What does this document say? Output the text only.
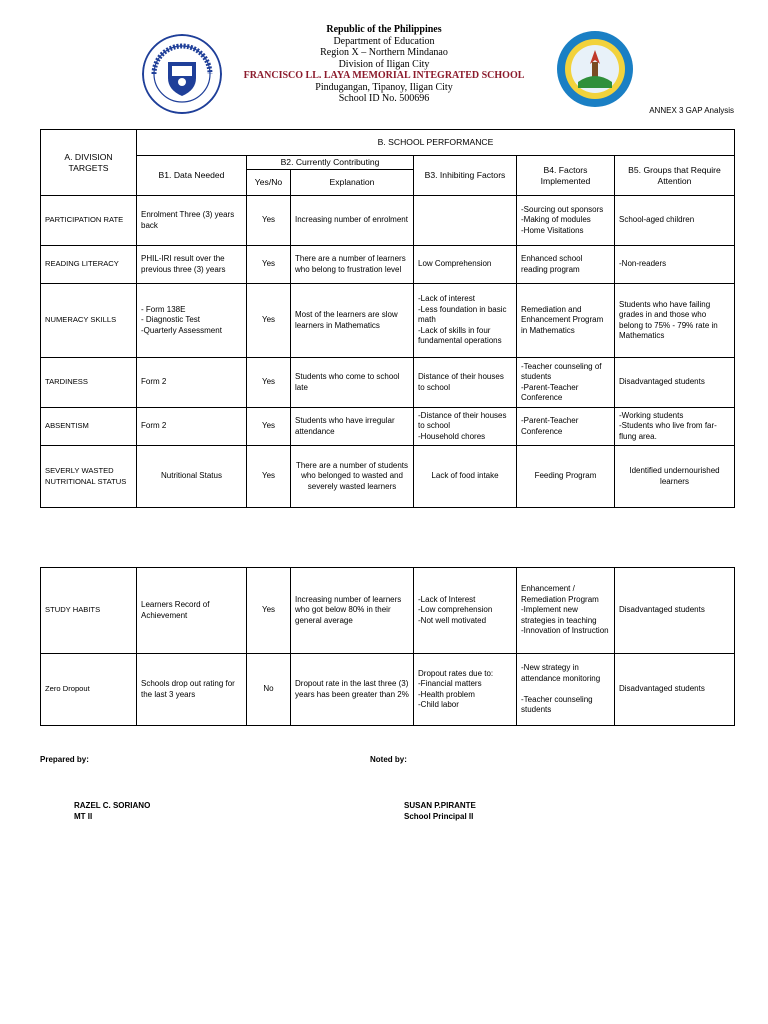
Republic of the Philippines
Department of Education
Region X – Northern Mindanao
Division of Iligan City
FRANCISCO LL. LAYA MEMORIAL INTEGRATED SCHOOL
Pindugangan, Tipanoy, Iligan City
School ID No. 500696
ANNEX 3 GAP Analysis
A. DIVISION TARGETS	B. SCHOOL PERFORMANCE					
	B1. Data Needed	B2. Currently Contributing		B3. Inhibiting Factors	B4. Factors Implemented	B5. Groups that Require Attention
		Yes/No	Explanation			
PARTICIPATION RATE	Enrolment Three (3) years back	Yes	Increasing number of enrolment		-Sourcing out sponsors
-Making of modules
-Home Visitations	School-aged children
READING LITERACY	PHIL-IRI result over the previous three (3) years	Yes	There are a number of learners who belong to frustration level	Low Comprehension	Enhanced school reading program	-Non-readers
NUMERACY SKILLS	- Form 138E
- Diagnostic Test
-Quarterly Assessment	Yes	Most of the learners are slow learners in Mathematics	-Lack of interest
-Less foundation in basic math
-Lack of skills in four fundamental operations	Remediation and Enhancement Program in Mathematics	Students who have failing grades in and those who belong to 75% - 79% rate in Mathematics
TARDINESS	Form 2	Yes	Students who come to school late	Distance of their houses to school	-Teacher counseling of students
-Parent-Teacher Conference	Disadvantaged students
ABSENTISM	Form 2	Yes	Students who have irregular attendance	-Distance of their houses to school
-Household chores	-Parent-Teacher Conference	-Working students
-Students who live from far-flung area.
SEVERLY WASTED NUTRITIONAL STATUS	Nutritional Status	Yes	There are a number of students who belonged to wasted and severely wasted learners	Lack of food intake	Feeding Program	Identified undernourished learners
STUDY HABITS	Learners Record of Achievement	Yes	Increasing number of learners who got below 80% in their general average	-Lack of Interest
-Low comprehension
-Not well motivated	Enhancement / Remediation Program
-Implement new strategies in teaching
-Innovation of Instruction	Disadvantaged students
Zero Dropout	Schools drop out rating for the last 3 years	No	Dropout rate in the last three (3) years has been greater than 2%	Dropout rates due to:
-Financial matters
-Health problem
-Child labor	-New strategy in attendance monitoring

-Teacher counseling students	Disadvantaged students
Prepared by:	Noted by:
RAZEL C. SORIANO
MT II
SUSAN P.PIRANTE
School Principal II
